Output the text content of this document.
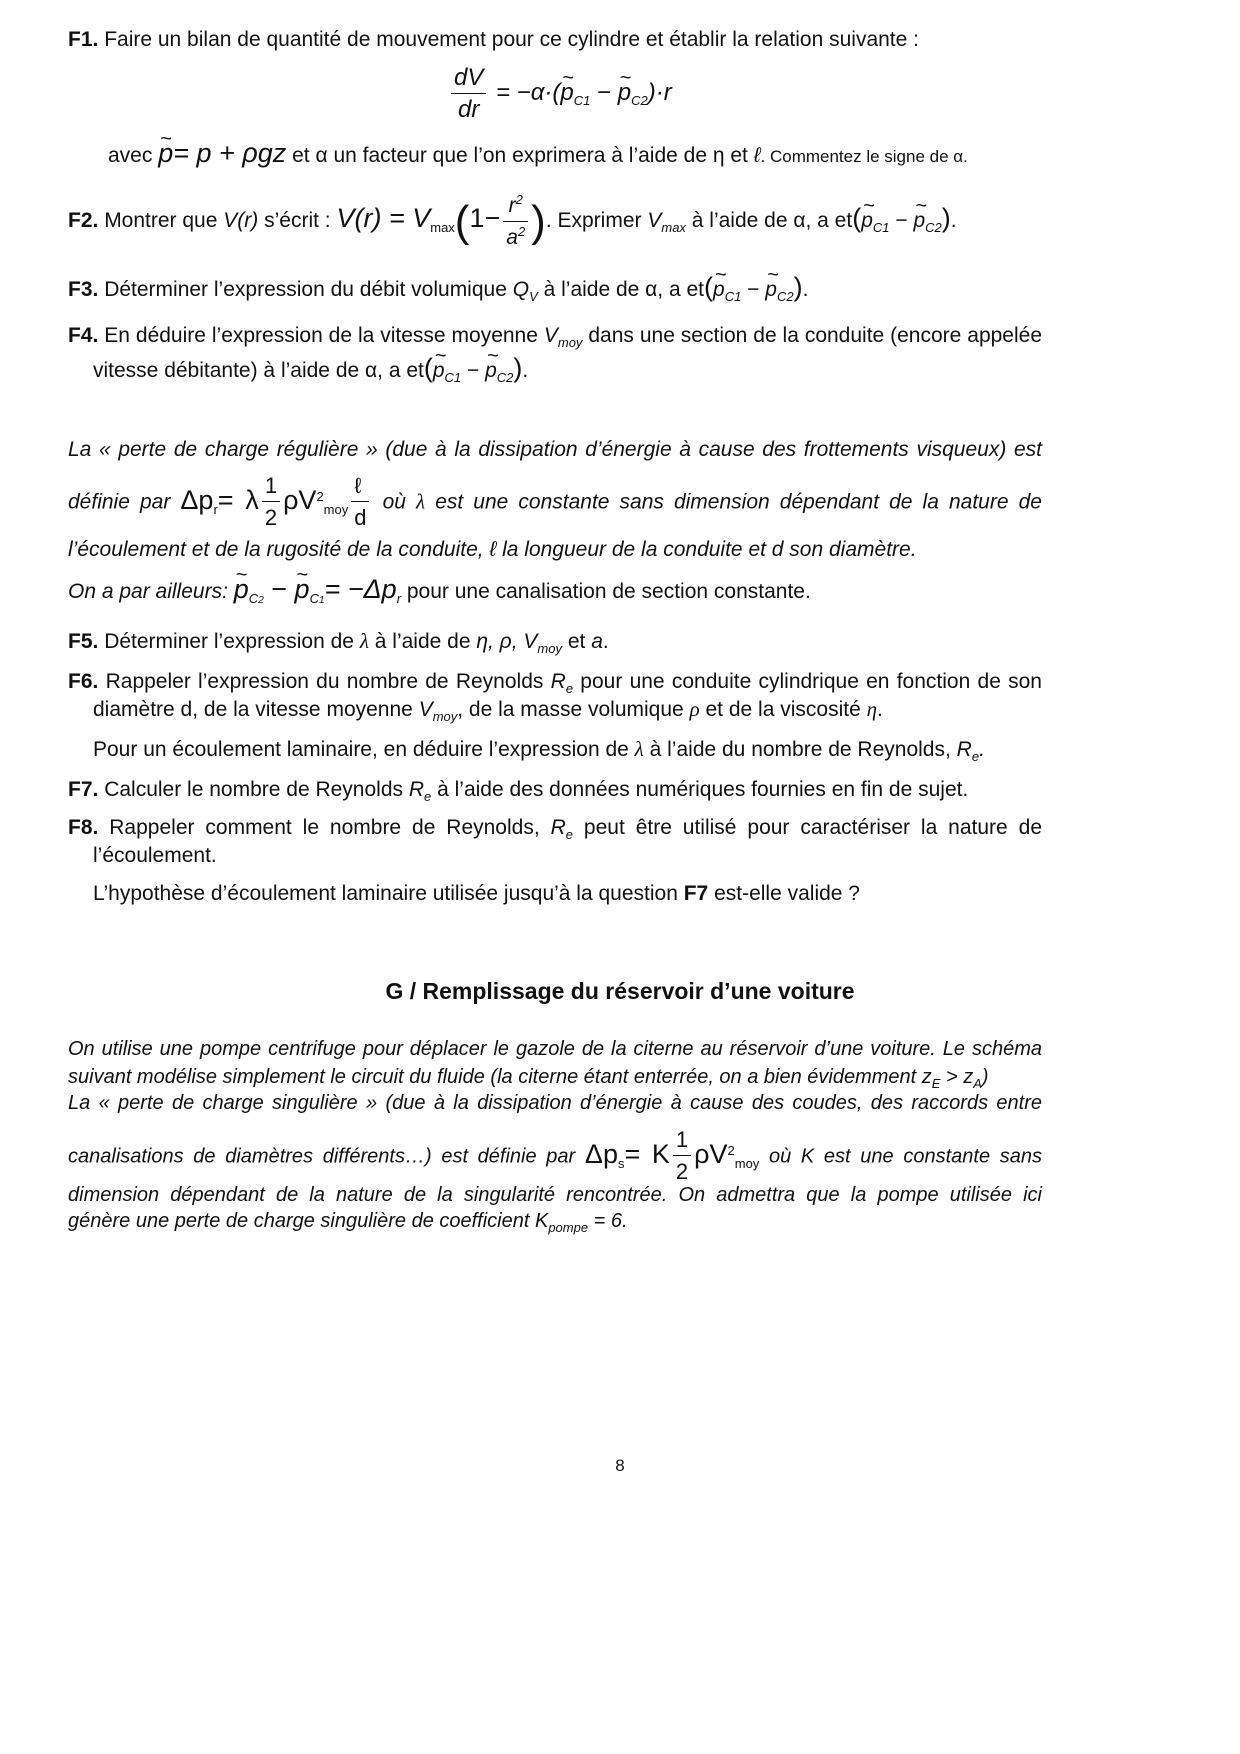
F1. Faire un bilan de quantité de mouvement pour ce cylindre et établir la relation suivante :
$\frac{dV}{dr}$ = −α·(~ $p_{C1}$ − ~ $p_{C2})\cdot r$
avec ~ p= p + ρgz et α un facteur que l’on exprimera à l’aide de η et ℓ. Commentez le signe de α.
F2. Montrer que V(r) s’écrit : $V(r) = V_{max}(1- \frac{r^2}{a^2}$ ). Exprimer $V_{max}$ à l’aide de α, a et(~ $p_{C1}$ − ~ $p_{C2}$).
F3. Déterminer l’expression du débit volumique $Q_V$ à l’aide de α, a et(~ $p_{C1}$ − ~ $p_{C2}$).
F4. En déduire l’expression de la vitesse moyenne $V_{moy}$ dans une section de la conduite (encore appelée
vitesse débitante) à l’aide de α, a et(~ $p_{C1}$ − ~ $p_{C2}$).
La « perte de charge régulière » (due à la dissipation d’énergie à cause des frottements visqueux) est
définie par $\Delta p_r= \lambda \frac{1}{2} \rho V^2_{moy} \frac{\text{ℓ}}{d}$ où λ est une constante sans dimension dépendant de la nature de
l’écoulement et de la rugosité de la conduite, ℓ la longueur de la conduite et d son diamètre.
On a par ailleurs: ~ $p_{C2}$ − ~ $p_{C1}= -\Delta p_r$ pour une canalisation de section constante.
F5. Déterminer l’expression de λ à l’aide de η, ρ, $V_{moy}$ et a.
F6. Rappeler l’expression du nombre de Reynolds $R_e$ pour une conduite cylindrique en fonction de son
diamètre d, de la vitesse moyenne $V_{moy}$, de la masse volumique ρ et de la viscosité η.
Pour un écoulement laminaire, en déduire l’expression de λ à l’aide du nombre de Reynolds, $R_e$.
F7. Calculer le nombre de Reynolds $R_e$ à l’aide des données numériques fournies en fin de sujet.
F8. Rappeler comment le nombre de Reynolds, $R_e$ peut être utilisé pour caractériser la nature de
l’écoulement.
L’hypothèse d’écoulement laminaire utilisée jusqu’à la question F7 est-elle valide ?
G / Remplissage du réservoir d’une voiture
On utilise une pompe centrifuge pour déplacer le gazole de la citerne au réservoir d’une voiture. Le schéma
suivant modélise simplement le circuit du fluide (la citerne étant enterrée, on a bien évidemment $z_E > z_A$)
La « perte de charge singulière » (due à la dissipation d’énergie à cause des coudes, des raccords entre
canalisations de diamètres différents…) est définie par $\Delta p_s= K \frac{1}{2} \rho V^2_{moy}$ où K est une constante sans
dimension dépendant de la nature de la singularité rencontrée. On admettra que la pompe utilisée ici
génère une perte de charge singulière de coefficient $K_{pompe} = 6$.
8
